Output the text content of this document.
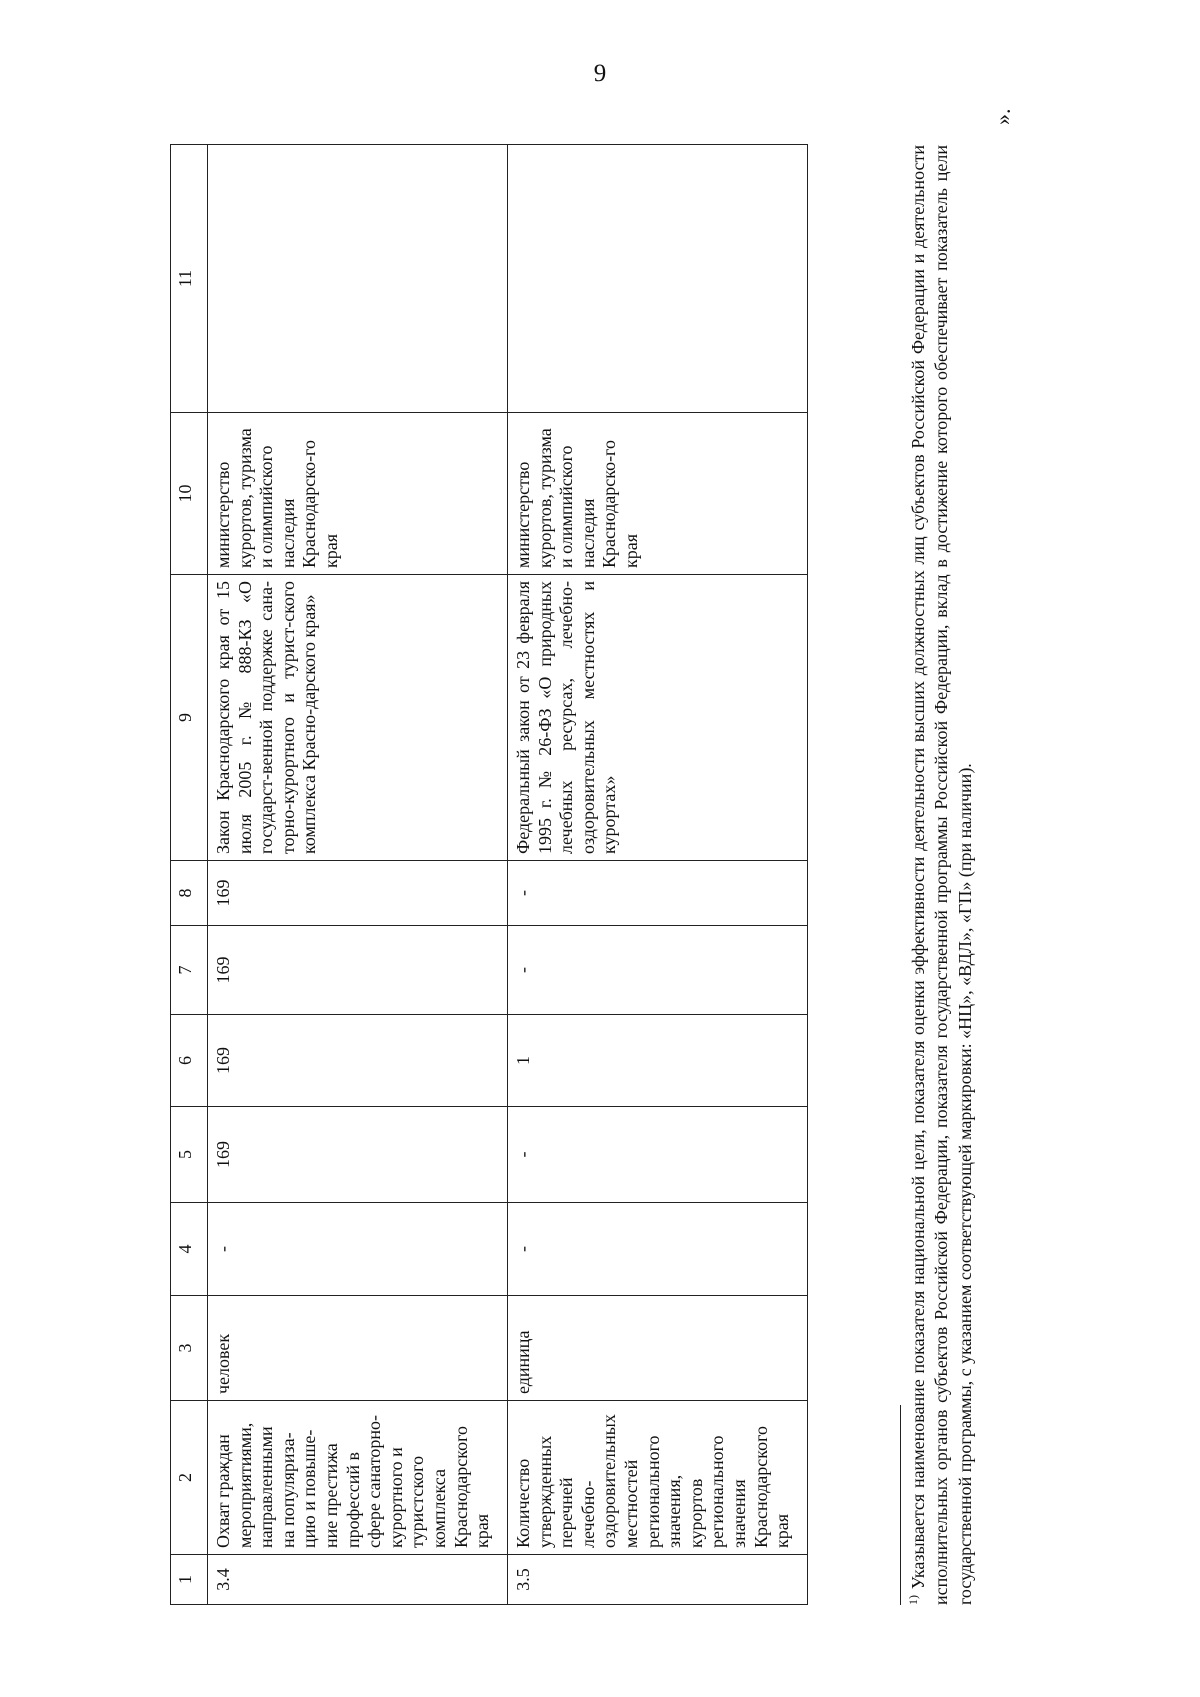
9
1	2	3	4	5	6	7	8	9	10	11
3.4	Охват граждан мероприятиями, направленными на популяриза-цию и повыше-ние престижа профессий в сфере санаторно-курортного и туристского комплекса Краснодарского края	человек	-	169	169	169	169	Закон Краснодарского края от 15 июля 2005 г. № 888-КЗ «О государст-венной поддержке сана-торно-курортного и турист-ского комплекса Красно-дарского края»	министерство курортов, туризма и олимпийского наследия Краснодарско-го края	
3.5	Количество утвержденных перечней лечебно-оздоровительных местностей регионального значения, курортов регионального значения Краснодарского края	единица	-	-	1	-	-	Федеральный закон от 23 февраля 1995 г. № 26-ФЗ «О природных лечебных ресурсах, лечебно-оздоровительных местностях и курортах»	министерство курортов, туризма и олимпийского наследия Краснодарско-го края	

$^{1)}$ Указывается наименование показателя национальной цели, показателя оценки эффективности деятельности высших должностных лиц субъектов Российской Федерации и деятельности исполнительных органов субъектов Российской Федерации, показателя государственной программы Российской Федерации, вклад в достижение которого обеспечивает показатель цели государственной программы, с указанием соответствующей маркировки: «НЦ», «ВДЛ», «ГП» (при наличии).

».
